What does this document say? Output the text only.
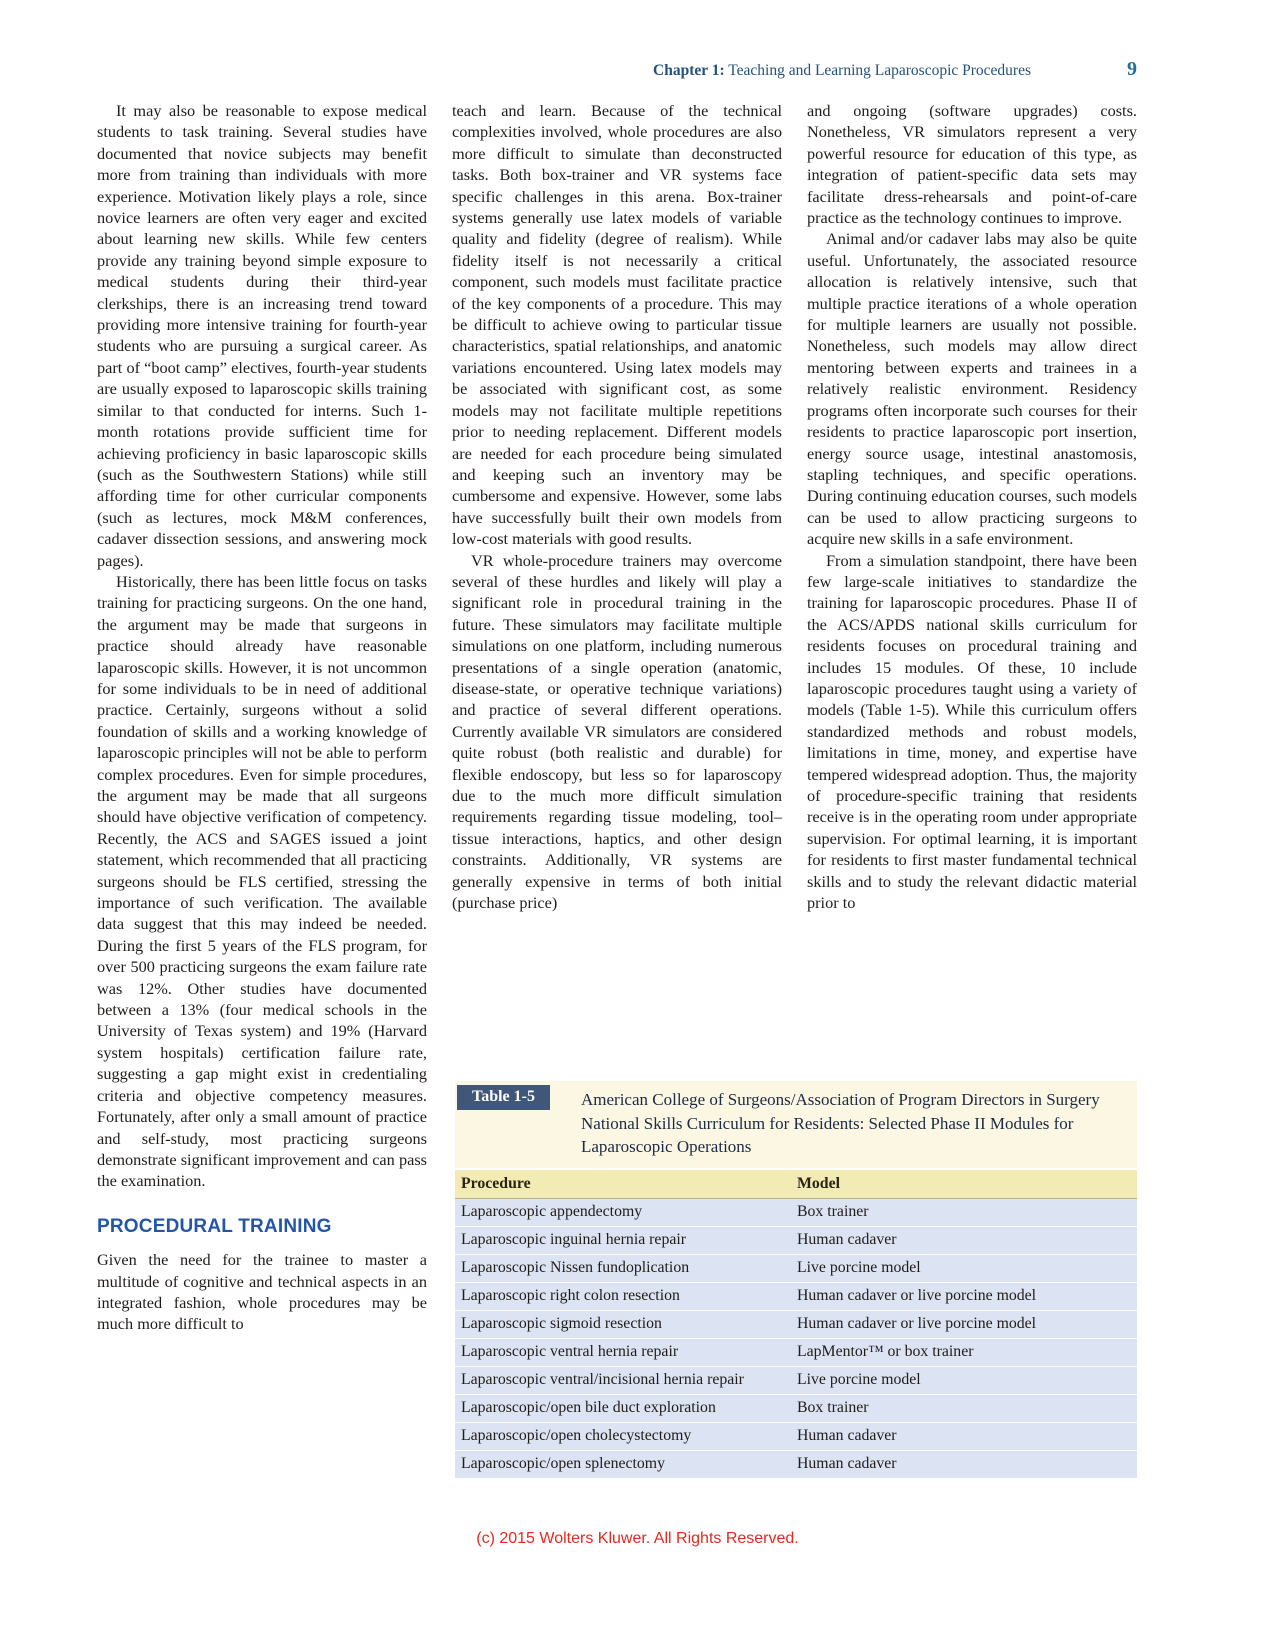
Chapter 1: Teaching and Learning Laparoscopic Procedures	9

It may also be reasonable to expose medical students to task training. Several studies have documented that novice subjects may benefit more from training than individuals with more experience. Motivation likely plays a role, since novice learners are often very eager and excited about learning new skills. While few centers provide any training beyond simple exposure to medical students during their third-year clerkships, there is an increasing trend toward providing more intensive training for fourth-year students who are pursuing a surgical career. As part of “boot camp” electives, fourth-year students are usually exposed to laparoscopic skills training similar to that conducted for interns. Such 1-month rotations provide sufficient time for achieving proficiency in basic laparoscopic skills (such as the Southwestern Stations) while still affording time for other curricular components (such as lectures, mock M&M conferences, cadaver dissection sessions, and answering mock pages).

Historically, there has been little focus on tasks training for practicing surgeons. On the one hand, the argument may be made that surgeons in practice should already have reasonable laparoscopic skills. However, it is not uncommon for some individuals to be in need of additional practice. Certainly, surgeons without a solid foundation of skills and a working knowledge of laparoscopic principles will not be able to perform complex procedures. Even for simple procedures, the argument may be made that all surgeons should have objective verification of competency. Recently, the ACS and SAGES issued a joint statement, which recommended that all practicing surgeons should be FLS certified, stressing the importance of such verification. The available data suggest that this may indeed be needed. During the first 5 years of the FLS program, for over 500 practicing surgeons the exam failure rate was 12%. Other studies have documented between a 13% (four medical schools in the University of Texas system) and 19% (Harvard system hospitals) certification failure rate, suggesting a gap might exist in credentialing criteria and objective competency measures. Fortunately, after only a small amount of practice and self-study, most practicing surgeons demonstrate significant improvement and can pass the examination.

PROCEDURAL TRAINING

Given the need for the trainee to master a multitude of cognitive and technical aspects in an integrated fashion, whole procedures may be much more difficult to

teach and learn. Because of the technical complexities involved, whole procedures are also more difficult to simulate than deconstructed tasks. Both box-trainer and VR systems face specific challenges in this arena. Box-trainer systems generally use latex models of variable quality and fidelity (degree of realism). While fidelity itself is not necessarily a critical component, such models must facilitate practice of the key components of a procedure. This may be difficult to achieve owing to particular tissue characteristics, spatial relationships, and anatomic variations encountered. Using latex models may be associated with significant cost, as some models may not facilitate multiple repetitions prior to needing replacement. Different models are needed for each procedure being simulated and keeping such an inventory may be cumbersome and expensive. However, some labs have successfully built their own models from low-cost materials with good results.

VR whole-procedure trainers may overcome several of these hurdles and likely will play a significant role in procedural training in the future. These simulators may facilitate multiple simulations on one platform, including numerous presentations of a single operation (anatomic, disease-state, or operative technique variations) and practice of several different operations. Currently available VR simulators are considered quite robust (both realistic and durable) for flexible endoscopy, but less so for laparoscopy due to the much more difficult simulation requirements regarding tissue modeling, tool–tissue interactions, haptics, and other design constraints. Additionally, VR systems are generally expensive in terms of both initial (purchase price)

and ongoing (software upgrades) costs. Nonetheless, VR simulators represent a very powerful resource for education of this type, as integration of patient-specific data sets may facilitate dress-rehearsals and point-of-care practice as the technology continues to improve.

Animal and/or cadaver labs may also be quite useful. Unfortunately, the associated resource allocation is relatively intensive, such that multiple practice iterations of a whole operation for multiple learners are usually not possible. Nonetheless, such models may allow direct mentoring between experts and trainees in a relatively realistic environment. Residency programs often incorporate such courses for their residents to practice laparoscopic port insertion, energy source usage, intestinal anastomosis, stapling techniques, and specific operations. During continuing education courses, such models can be used to allow practicing surgeons to acquire new skills in a safe environment.

From a simulation standpoint, there have been few large-scale initiatives to standardize the training for laparoscopic procedures. Phase II of the ACS/APDS national skills curriculum for residents focuses on procedural training and includes 15 modules. Of these, 10 include laparoscopic procedures taught using a variety of models (Table 1-5). While this curriculum offers standardized methods and robust models, limitations in time, money, and expertise have tempered widespread adoption. Thus, the majority of procedure-specific training that residents receive is in the operating room under appropriate supervision. For optimal learning, it is important for residents to first master fundamental technical skills and to study the relevant didactic material prior to

Table 1-5	American College of Surgeons/Association of Program Directors in Surgery National Skills Curriculum for Residents: Selected Phase II Modules for Laparoscopic Operations
Procedure	Model
Laparoscopic appendectomy	Box trainer
Laparoscopic inguinal hernia repair	Human cadaver
Laparoscopic Nissen fundoplication	Live porcine model
Laparoscopic right colon resection	Human cadaver or live porcine model
Laparoscopic sigmoid resection	Human cadaver or live porcine model
Laparoscopic ventral hernia repair	LapMentor™ or box trainer
Laparoscopic ventral/incisional hernia repair	Live porcine model
Laparoscopic/open bile duct exploration	Box trainer
Laparoscopic/open cholecystectomy	Human cadaver
Laparoscopic/open splenectomy	Human cadaver
(c) 2015 Wolters Kluwer. All Rights Reserved.
